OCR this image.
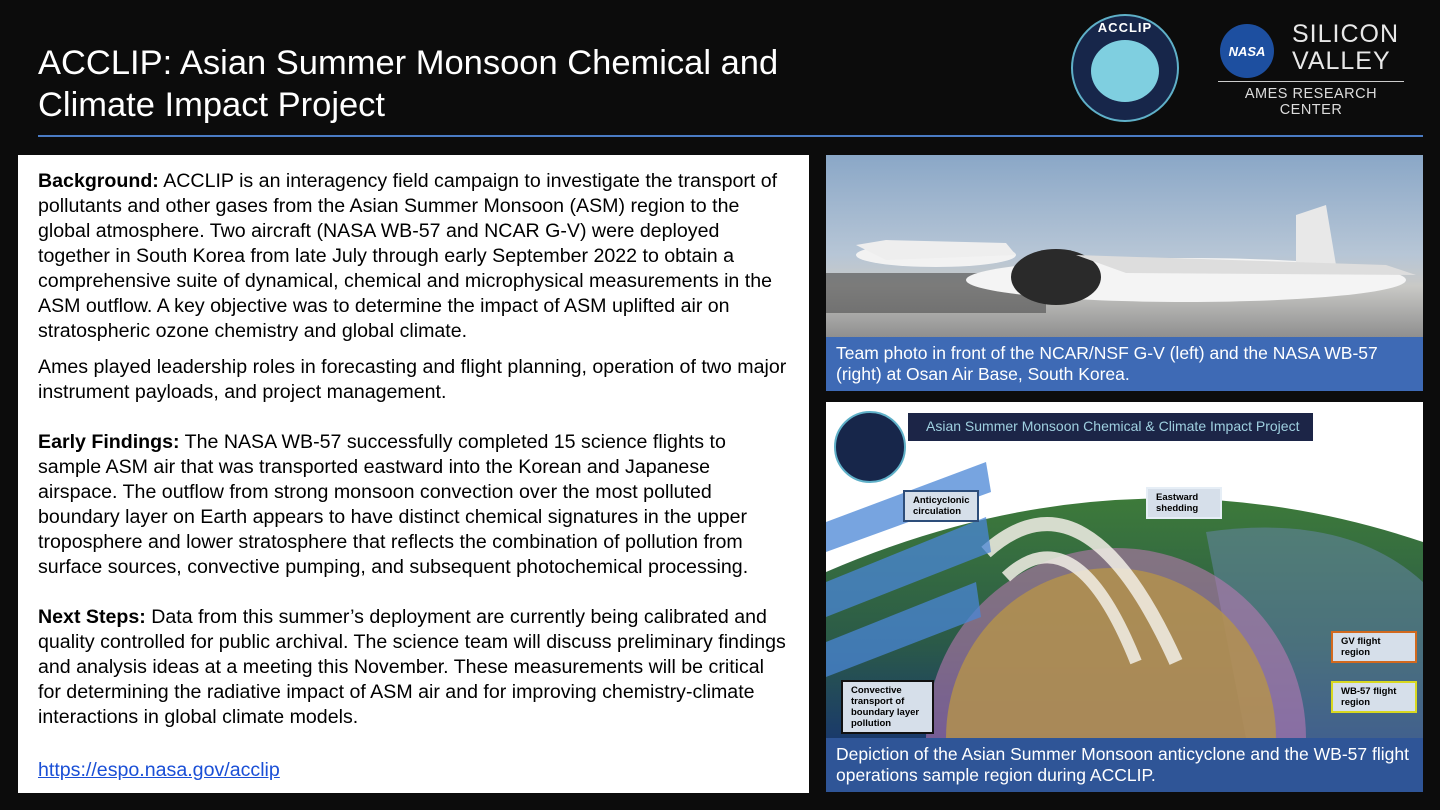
ACCLIP: Asian Summer Monsoon Chemical and Climate Impact Project
ACCLIP
NASA
SILICON
VALLEY
AMES RESEARCH CENTER

Background: ACCLIP is an interagency field campaign to investigate the transport of pollutants and other gases from the Asian Summer Monsoon (ASM) region to the global atmosphere. Two aircraft (NASA WB-57 and NCAR G-V) were deployed together in South Korea from late July through early September 2022 to obtain a comprehensive suite of dynamical, chemical and microphysical measurements in the ASM outflow. A key objective was to determine the impact of ASM uplifted air on stratospheric ozone chemistry and global climate.

Ames played leadership roles in forecasting and flight planning, operation of two major instrument payloads, and project management.

Early Findings: The NASA WB-57 successfully completed 15 science flights to sample ASM air that was transported eastward into the Korean and Japanese airspace. The outflow from strong monsoon convection over the most polluted boundary layer on Earth appears to have distinct chemical signatures in the upper troposphere and lower stratosphere that reflects the combination of pollution from surface sources, convective pumping, and subsequent photochemical processing.

Next Steps: Data from this summer’s deployment are currently being calibrated and quality controlled for public archival. The science team will discuss preliminary findings and analysis ideas at a meeting this November. These measurements will be critical for determining the radiative impact of ASM air and for improving chemistry-climate interactions in global climate models.

https://espo.nasa.gov/acclip
Team photo in front of the NCAR/NSF G-V (left) and the NASA WB-57 (right) at Osan Air Base, South Korea.
Asian Summer Monsoon Chemical & Climate Impact Project
Anticyclonic circulation
Eastward shedding
Convective transport of boundary layer pollution
GV flight region
WB-57 flight region
Depiction of the Asian Summer Monsoon anticyclone and the WB-57 flight operations sample region during ACCLIP.
